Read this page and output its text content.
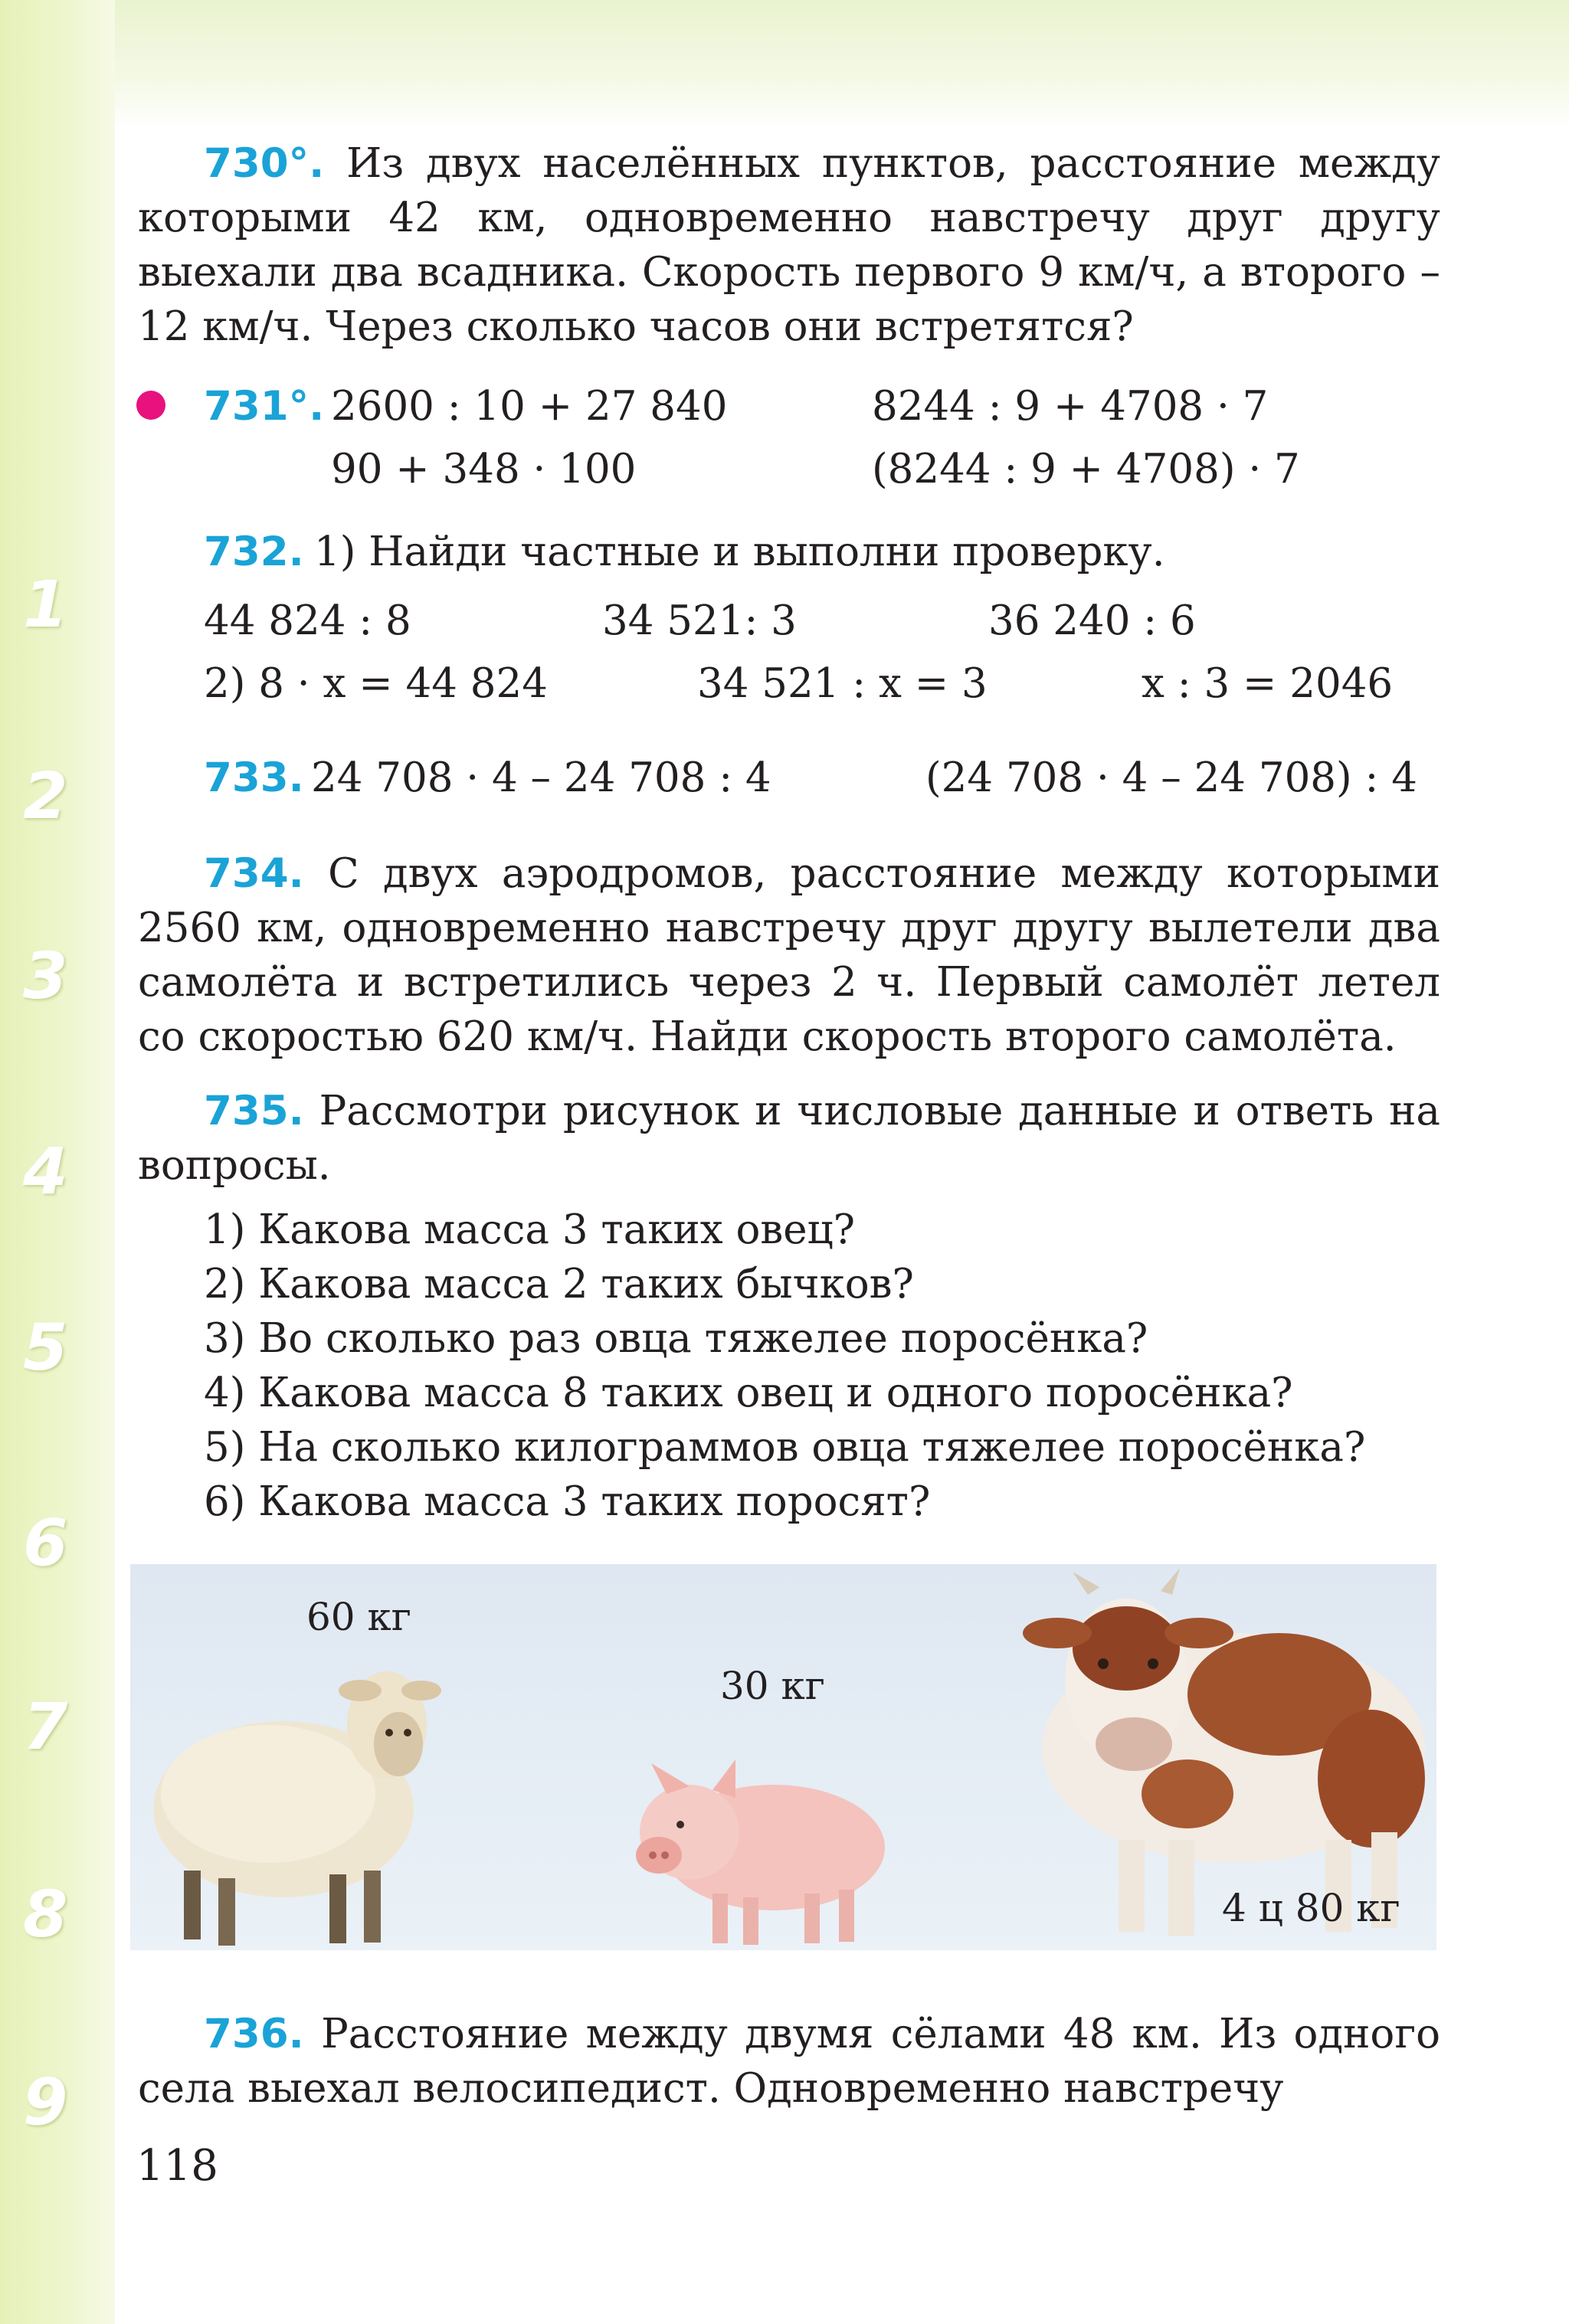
1
2
3
4
5
6
7
8
9
730°. Из двух населённых пунктов, расстояние между которыми 42 км, одновременно навстречу друг другу выехали два всадника. Скорость первого 9 км/ч, а второго – 12 км/ч. Через сколько часов они встретятся?
731°. 2600 : 10 + 27 840	8244 : 9 + 4708 · 7
90 + 348 · 100	(8244 : 9 + 4708) · 7
732. 1) Найди частные и выполни проверку.
44 824 : 8	34 521: 3	36 240 : 6
2) 8 · x = 44 824	34 521 : x = 3	x : 3 = 2046
733. 24 708 · 4 – 24 708 : 4	(24 708 · 4 – 24 708) : 4
734. С двух аэродромов, расстояние между которыми 2560 км, одновременно навстречу друг другу вылетели два самолёта и встретились через 2 ч. Первый самолёт летел со скоростью 620 км/ч. Найди скорость второго самолёта.
735. Рассмотри рисунок и числовые данные и ответь на вопросы.
1) Какова масса 3 таких овец?
2) Какова масса 2 таких бычков?
3) Во сколько раз овца тяжелее поросёнка?
4) Какова масса 8 таких овец и одного поросёнка?
5) На сколько килограммов овца тяжелее поросёнка?
6) Какова масса 3 таких поросят?
60 кг
30 кг
4 ц 80 кг
736. Расстояние между двумя сёлами 48 км. Из одного села выехал велосипедист. Одновременно навстречу
118
